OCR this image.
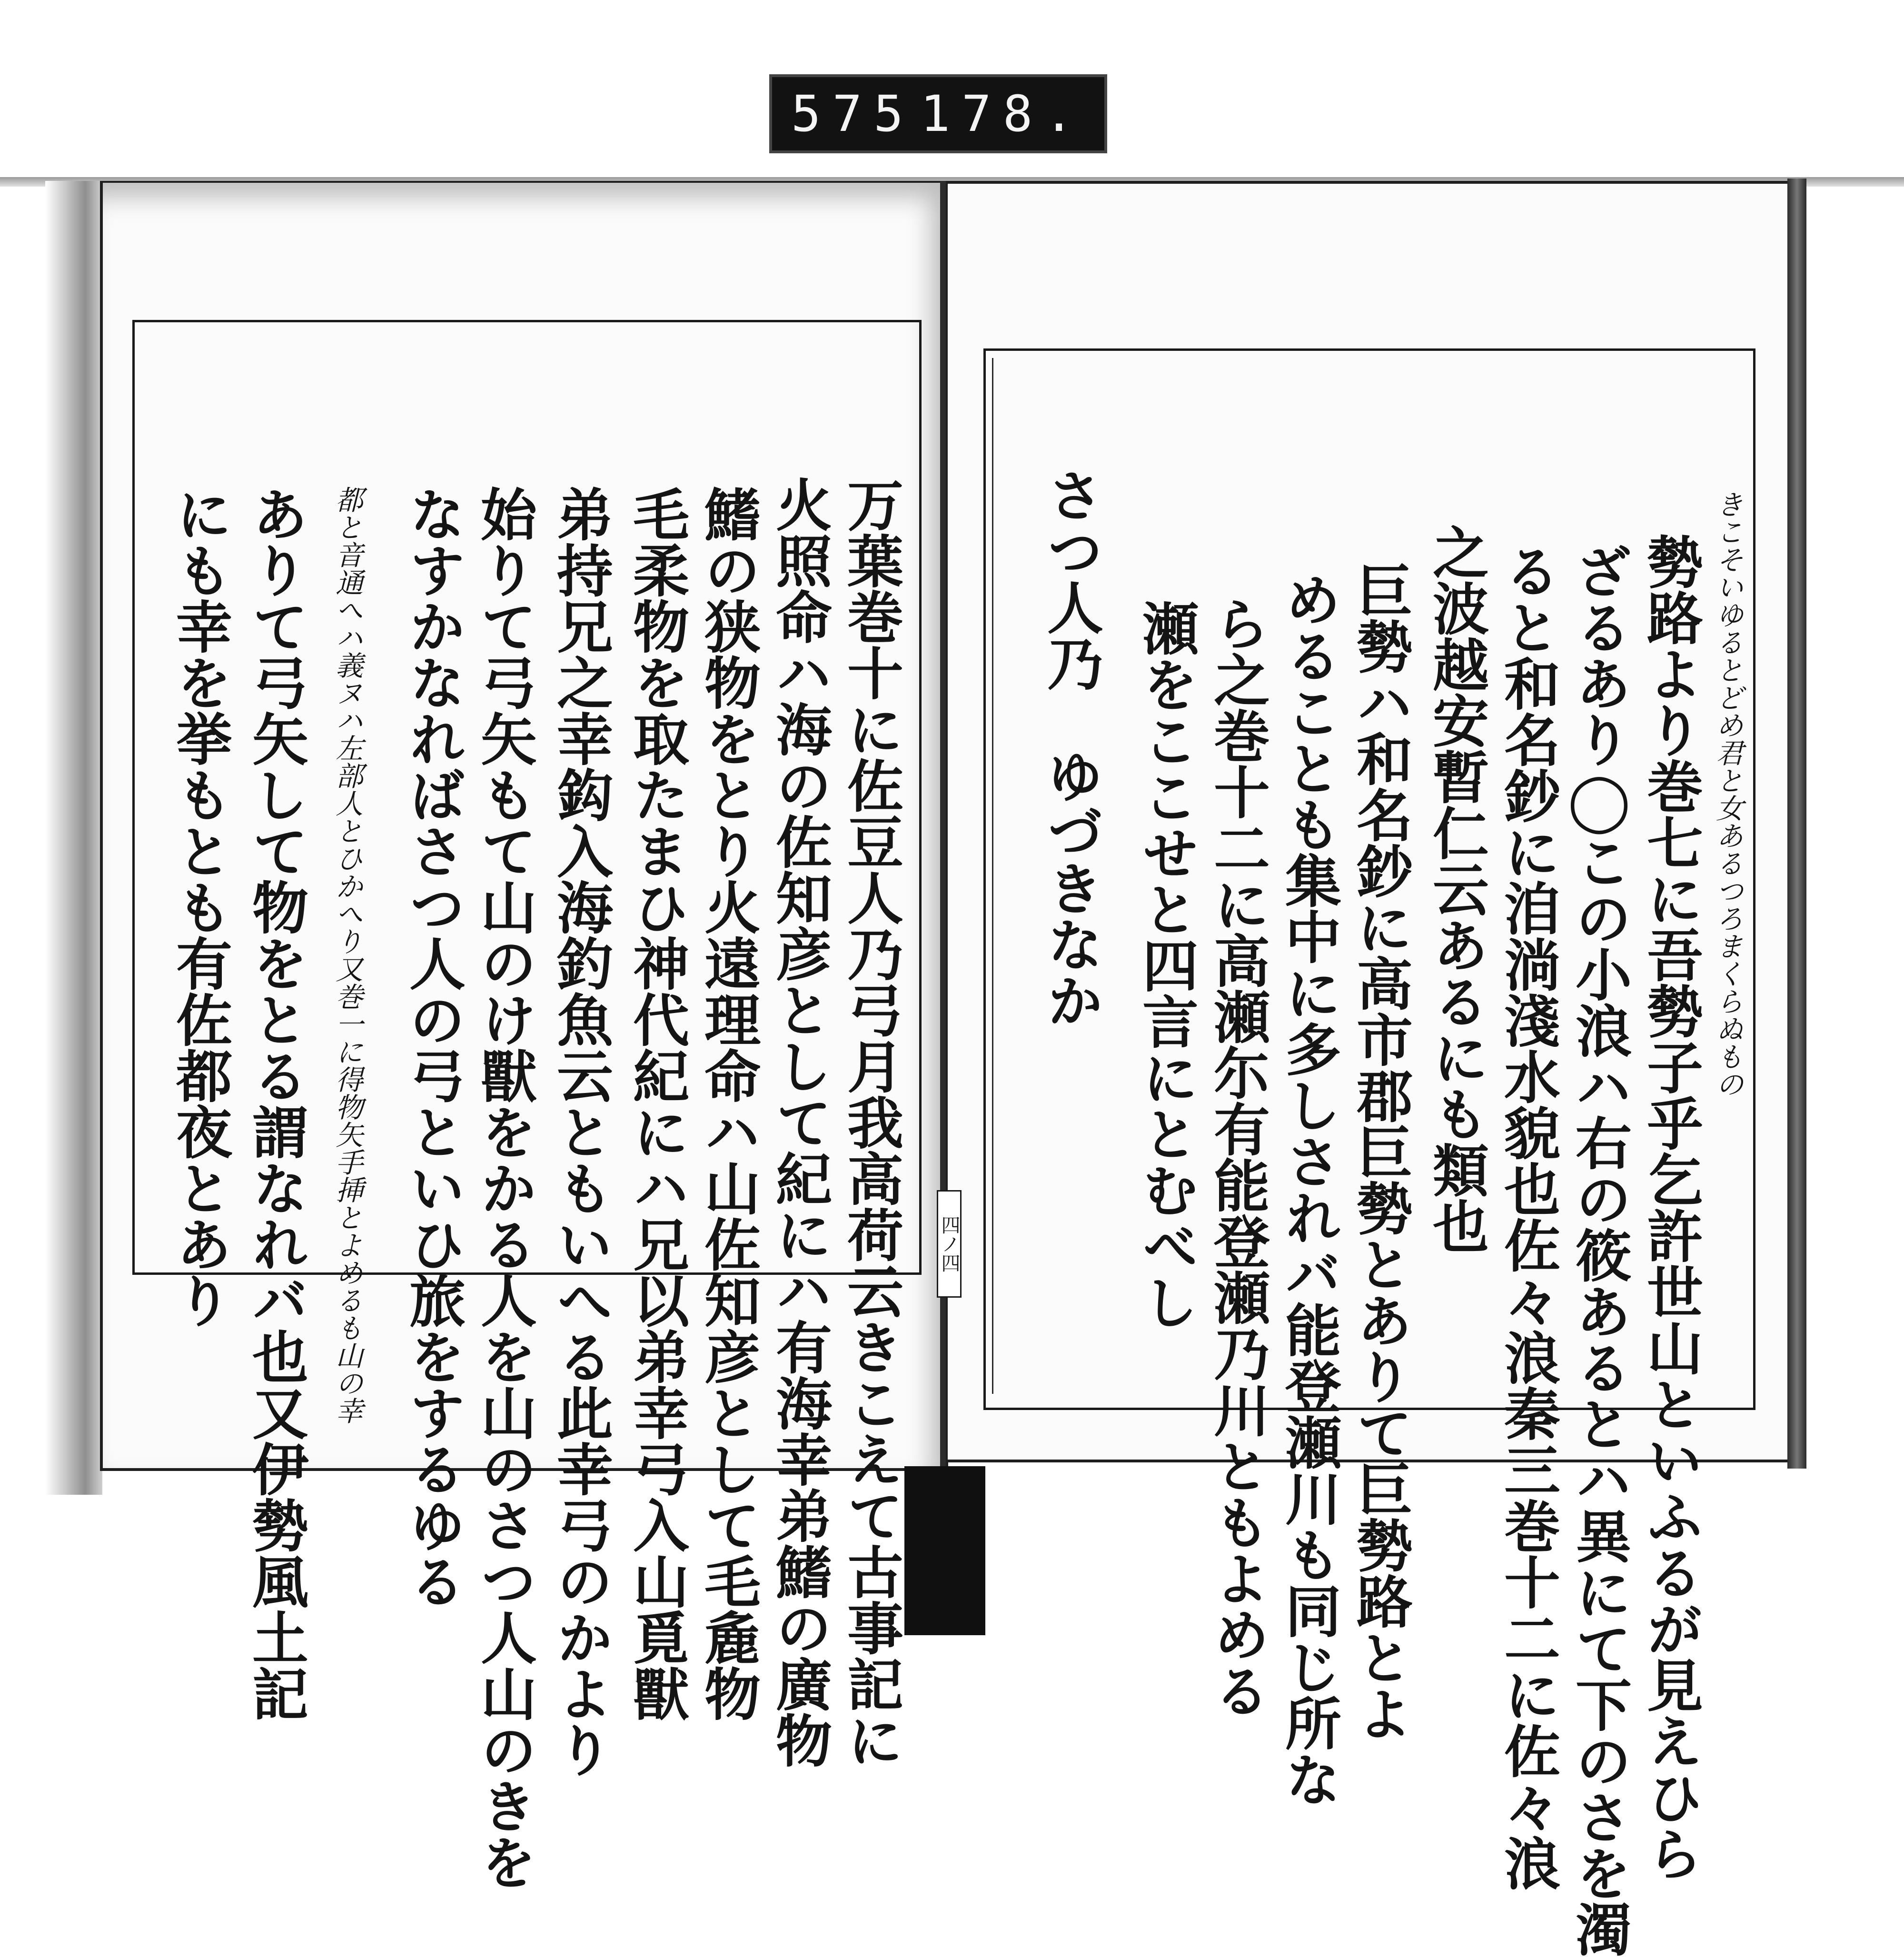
575 178.
きこそいゆるとどめ君と女あるつろまくらぬもの
勢路より巻七に吾勢子乎乞許世山といふるが見えひら
ざるあり◯この小浪ハ右の筱あるとハ異にて下のさを濁
ると和名鈔に洎淌淺水貌也佐々浪秦三巻十二に佐々浪
之波越安暫仁云あるにも類也
巨勢ハ和名鈔に高市郡巨勢とありて巨勢路とよ
めることも集中に多しされバ能登瀬川も同じ所な
ら之巻十二に高瀬尓有能登瀬乃川ともよめる
瀬をここせと四言にとむべし
さつ人乃　ゆづきなか
万葉巻十に佐豆人乃弓月我高荷云きこえて古事記に
火照命ハ海の佐知彦として紀にハ有海幸弟鰭の廣物
鰭の狭物をとり火遠理命ハ山佐知彦として毛麁物
毛柔物を取たまひ神代紀にハ兄以弟幸弓入山覓獸
弟持兄之幸鈎入海釣魚云ともいへる此幸弓のかより
始りて弓矢もて山のけ獸をかる人を山のさつ人山のきを
なすかなればさつ人の弓といひ旅をするゆる
都と音通へハ義ヌハ左部人とひかへり又巻一に得物矢手挿とよめるも山の幸
ありて弓矢して物をとる謂なれバ也又伊勢風土記
にも幸を挙もとも有佐都夜とあり	四ノ四
